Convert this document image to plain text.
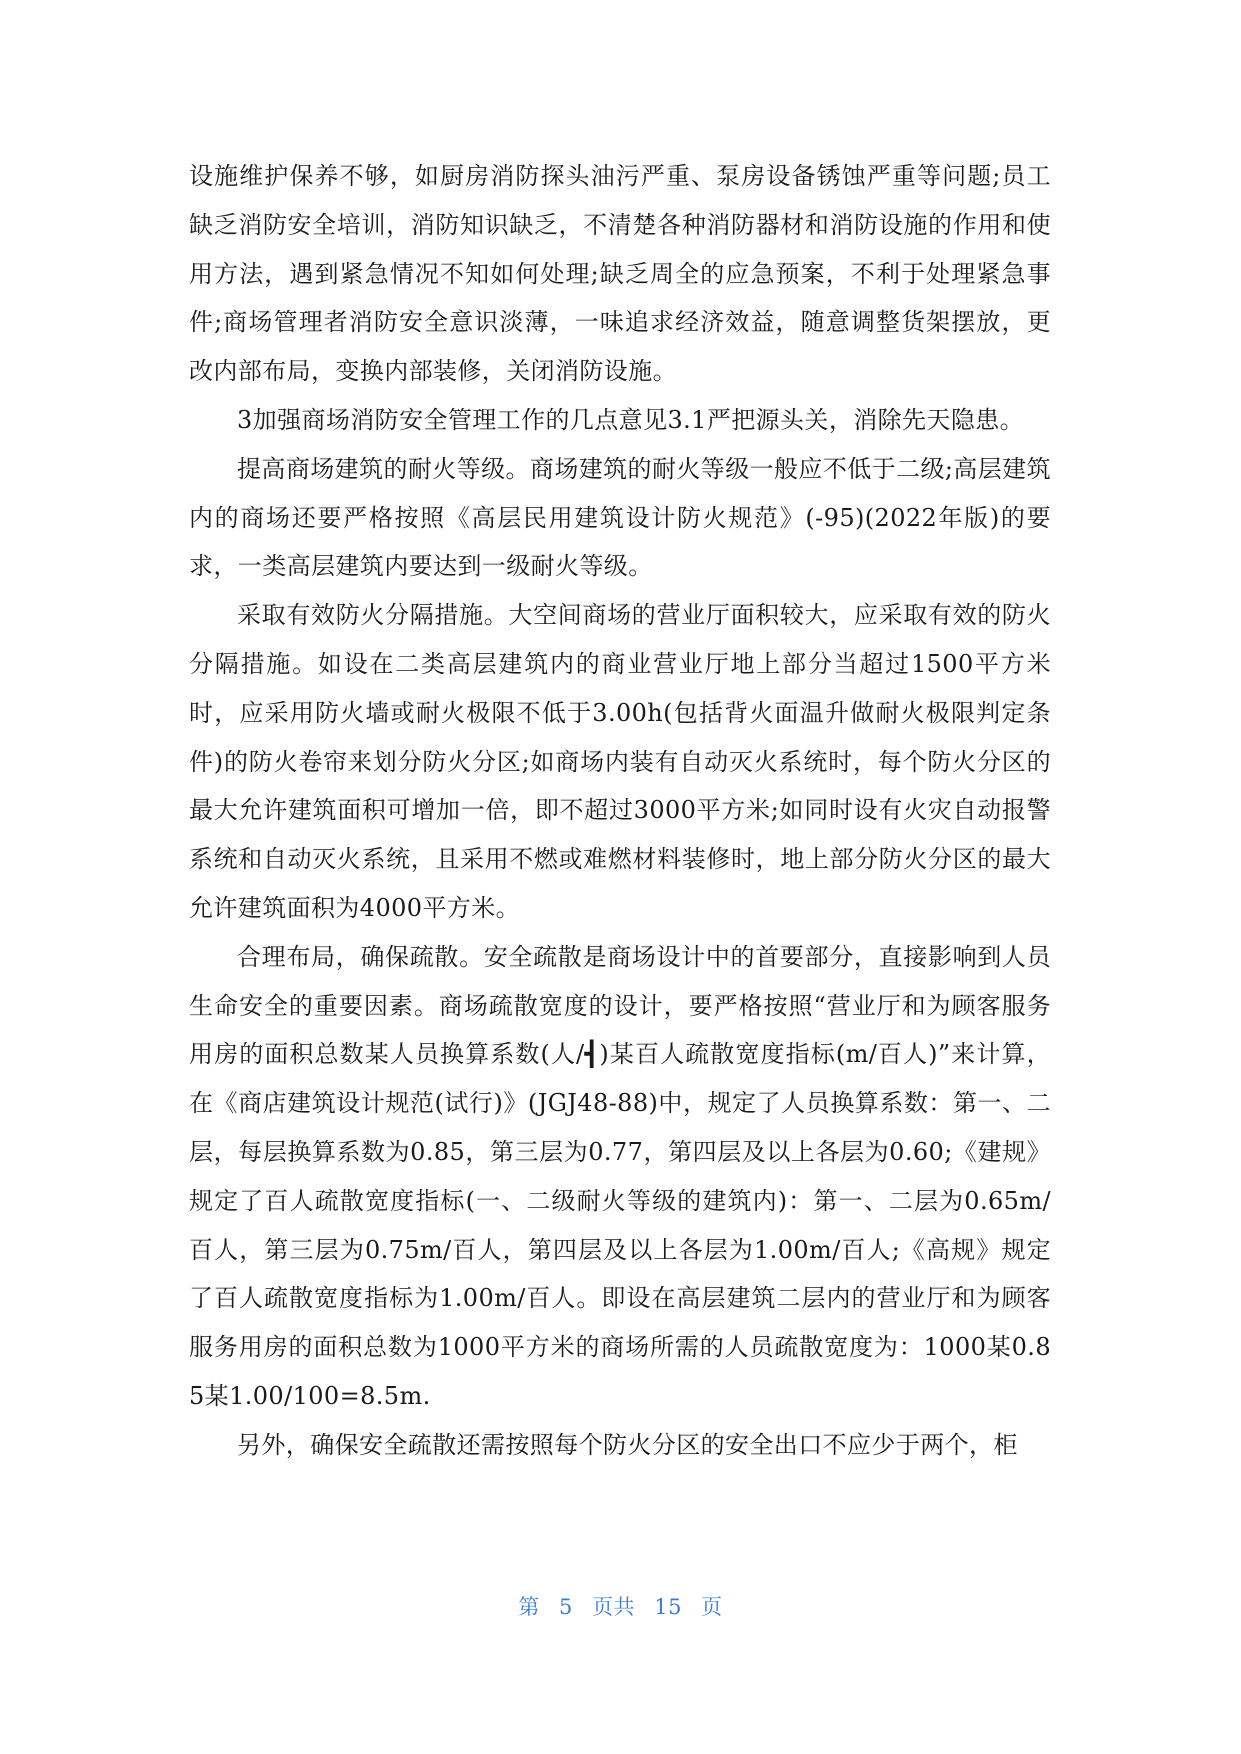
设施维护保养不够，如厨房消防探头油污严重、泵房设备锈蚀严重等问题;员工缺乏消防安全培训，消防知识缺乏，不清楚各种消防器材和消防设施的作用和使用方法，遇到紧急情况不知如何处理;缺乏周全的应急预案，不利于处理紧急事件;商场管理者消防安全意识淡薄，一味追求经济效益，随意调整货架摆放，更改内部布局，变换内部装修，关闭消防设施。

3加强商场消防安全管理工作的几点意见3.1严把源头关，消除先天隐患。

提高商场建筑的耐火等级。商场建筑的耐火等级一般应不低于二级;高层建筑内的商场还要严格按照《高层民用建筑设计防火规范》(-95)(2022年版)的要求，一类高层建筑内要达到一级耐火等级。

采取有效防火分隔措施。大空间商场的营业厅面积较大，应采取有效的防火分隔措施。如设在二类高层建筑内的商业营业厅地上部分当超过1500平方米时，应采用防火墙或耐火极限不低于3.00h(包括背火面温升做耐火极限判定条件)的防火卷帘来划分防火分区;如商场内装有自动灭火系统时，每个防火分区的最大允许建筑面积可增加一倍，即不超过3000平方米;如同时设有火灾自动报警系统和自动灭火系统，且采用不燃或难燃材料装修时，地上部分防火分区的最大允许建筑面积为4000平方米。

合理布局，确保疏散。安全疏散是商场设计中的首要部分，直接影响到人员生命安全的重要因素。商场疏散宽度的设计，要严格按照“营业厅和为顾客服务用房的面积总数某人员换算系数(人/┫)某百人疏散宽度指标(m/百人)”来计算，在《商店建筑设计规范(试行)》(JGJ48-88)中，规定了人员换算系数：第一、二层，每层换算系数为0.85，第三层为0.77，第四层及以上各层为0.60;《建规》规定了百人疏散宽度指标(一、二级耐火等级的建筑内)：第一、二层为0.65m/百人，第三层为0.75m/百人，第四层及以上各层为1.00m/百人;《高规》规定了百人疏散宽度指标为1.00m/百人。即设在高层建筑二层内的营业厅和为顾客服务用房的面积总数为1000平方米的商场所需的人员疏散宽度为：1000某0.85某1.00/100=8.5m.

另外，确保安全疏散还需按照每个防火分区的安全出口不应少于两个，柜

第 5 页共 15 页
